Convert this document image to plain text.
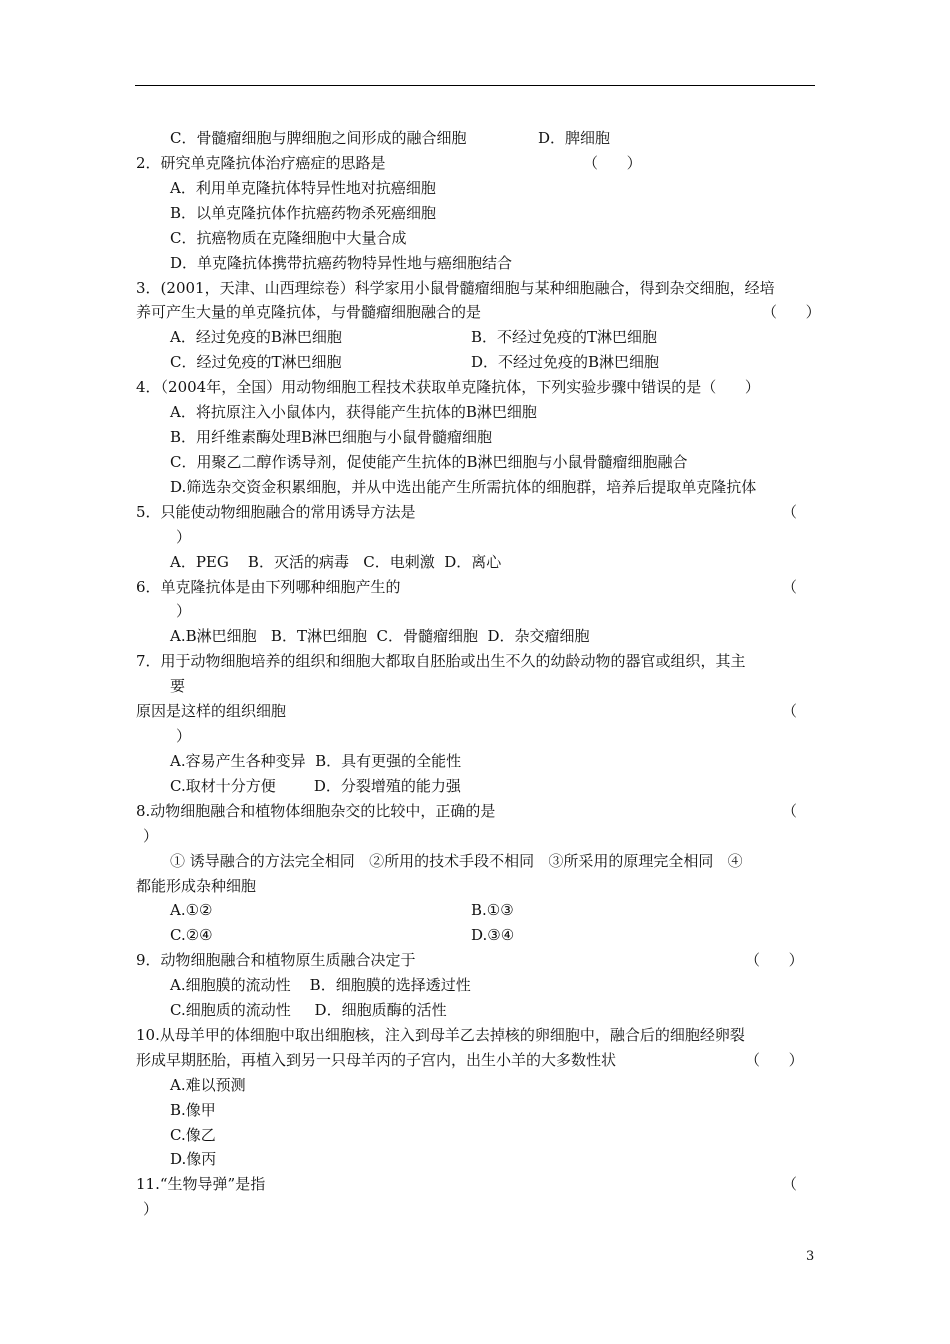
C．骨髓瘤细胞与脾细胞之间形成的融合细胞	D．脾细胞
2．研究单克隆抗体治疗癌症的思路是	（      ）
A．利用单克隆抗体特异性地对抗癌细胞
B．以单克隆抗体作抗癌药物杀死癌细胞
C．抗癌物质在克隆细胞中大量合成
D．单克隆抗体携带抗癌药物特异性地与癌细胞结合
3．(2001，天津、山西理综卷）科学家用小鼠骨髓瘤细胞与某种细胞融合，得到杂交细胞，经培
养可产生大量的单克隆抗体，与骨髓瘤细胞融合的是	（      ）
A．经过免疫的B淋巴细胞	B．不经过免疫的T淋巴细胞
C．经过免疫的T淋巴细胞	D．不经过免疫的B淋巴细胞
4．（2004年，全国）用动物细胞工程技术获取单克隆抗体，下列实验步骤中错误的是（      ）
A．将抗原注入小鼠体内，获得能产生抗体的B淋巴细胞
B．用纤维素酶处理B淋巴细胞与小鼠骨髓瘤细胞
C．用聚乙二醇作诱导剂，促使能产生抗体的B淋巴细胞与小鼠骨髓瘤细胞融合
D.筛选杂交资金积累细胞，并从中选出能产生所需抗体的细胞群，培养后提取单克隆抗体
5．只能使动物细胞融合的常用诱导方法是	（
）
A．PEG    B．灭活的病毒   C．电刺激  D．离心
6．单克隆抗体是由下列哪种细胞产生的	（
）
A.B淋巴细胞   B．T淋巴细胞  C．骨髓瘤细胞  D．杂交瘤细胞
7．用于动物细胞培养的组织和细胞大都取自胚胎或出生不久的幼龄动物的器官或组织，其主
要
原因是这样的组织细胞	（
）
A.容易产生各种变异  B．具有更强的全能性
C.取材十分方便        D．分裂增殖的能力强
8.动物细胞融合和植物体细胞杂交的比较中，正确的是	（
）
① 诱导融合的方法完全相同   ②所用的技术手段不相同   ③所采用的原理完全相同   ④
都能形成杂种细胞
A.①②	B.①③
C.②④	D.③④
9．动物细胞融合和植物原生质融合决定于	（      ）
A.细胞膜的流动性    B．细胞膜的选择透过性
C.细胞质的流动性     D．细胞质酶的活性
10.从母羊甲的体细胞中取出细胞核，注入到母羊乙去掉核的卵细胞中，融合后的细胞经卵裂
形成早期胚胎，再植入到另一只母羊丙的子宫内，出生小羊的大多数性状	（      ）
A.难以预测
B.像甲
C.像乙
D.像丙
11.“生物导弹”是指	（
）
3
